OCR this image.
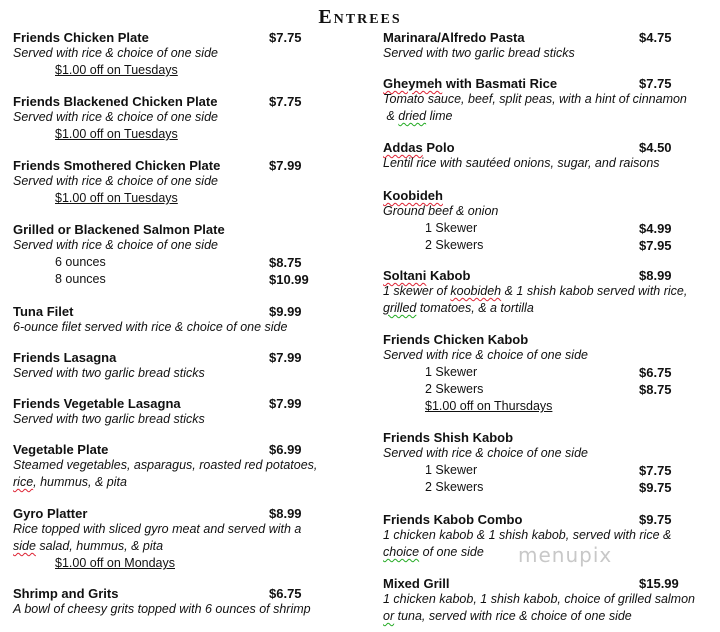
Entrees
Friends Chicken Plate	$7.75
Served with rice & choice of one side
$1.00 off on Tuesdays
Friends Blackened Chicken Plate	$7.75
Served with rice & choice of one side
$1.00 off on Tuesdays
Friends Smothered Chicken Plate	$7.99
Served with rice & choice of one side
$1.00 off on Tuesdays
Grilled or Blackened Salmon Plate
Served with rice & choice of one side
6 ounces	$8.75
8 ounces	$10.99
Tuna Filet	$9.99
6-ounce filet served with rice & choice of one side
Friends Lasagna	$7.99
Served with two garlic bread sticks
Friends Vegetable Lasagna	$7.99
Served with two garlic bread sticks
Vegetable Plate	$6.99
Steamed vegetables, asparagus, roasted red potatoes,
rice, hummus, & pita
Gyro Platter	$8.99
Rice topped with sliced gyro meat and served with a
side salad, hummus, & pita
$1.00 off on Mondays
Shrimp and Grits	$6.75
A bowl of cheesy grits topped with 6 ounces of shrimp
Marinara/Alfredo Pasta	$4.75
Served with two garlic bread sticks
Gheymeh with Basmati Rice	$7.75
Tomato sauce, beef, split peas, with a hint of cinnamon
& dried lime
Addas Polo	$4.50
Lentil rice with sautéed onions, sugar, and raisons
Koobideh
Ground beef & onion
1 Skewer	$4.99
2 Skewers	$7.95
Soltani Kabob	$8.99
1 skewer of koobideh & 1 shish kabob served with rice,
grilled tomatoes, & a tortilla
Friends Chicken Kabob
Served with rice & choice of one side
1 Skewer	$6.75
2 Skewers	$8.75
$1.00 off on Thursdays
Friends Shish Kabob
Served with rice & choice of one side
1 Skewer	$7.75
2 Skewers	$9.75
Friends Kabob Combo	$9.75
1 chicken kabob & 1 shish kabob, served with rice &
choice of one side
Mixed Grill	$15.99
1 chicken kabob, 1 shish kabob, choice of grilled salmon
or tuna, served with rice & choice of one side
menupix
